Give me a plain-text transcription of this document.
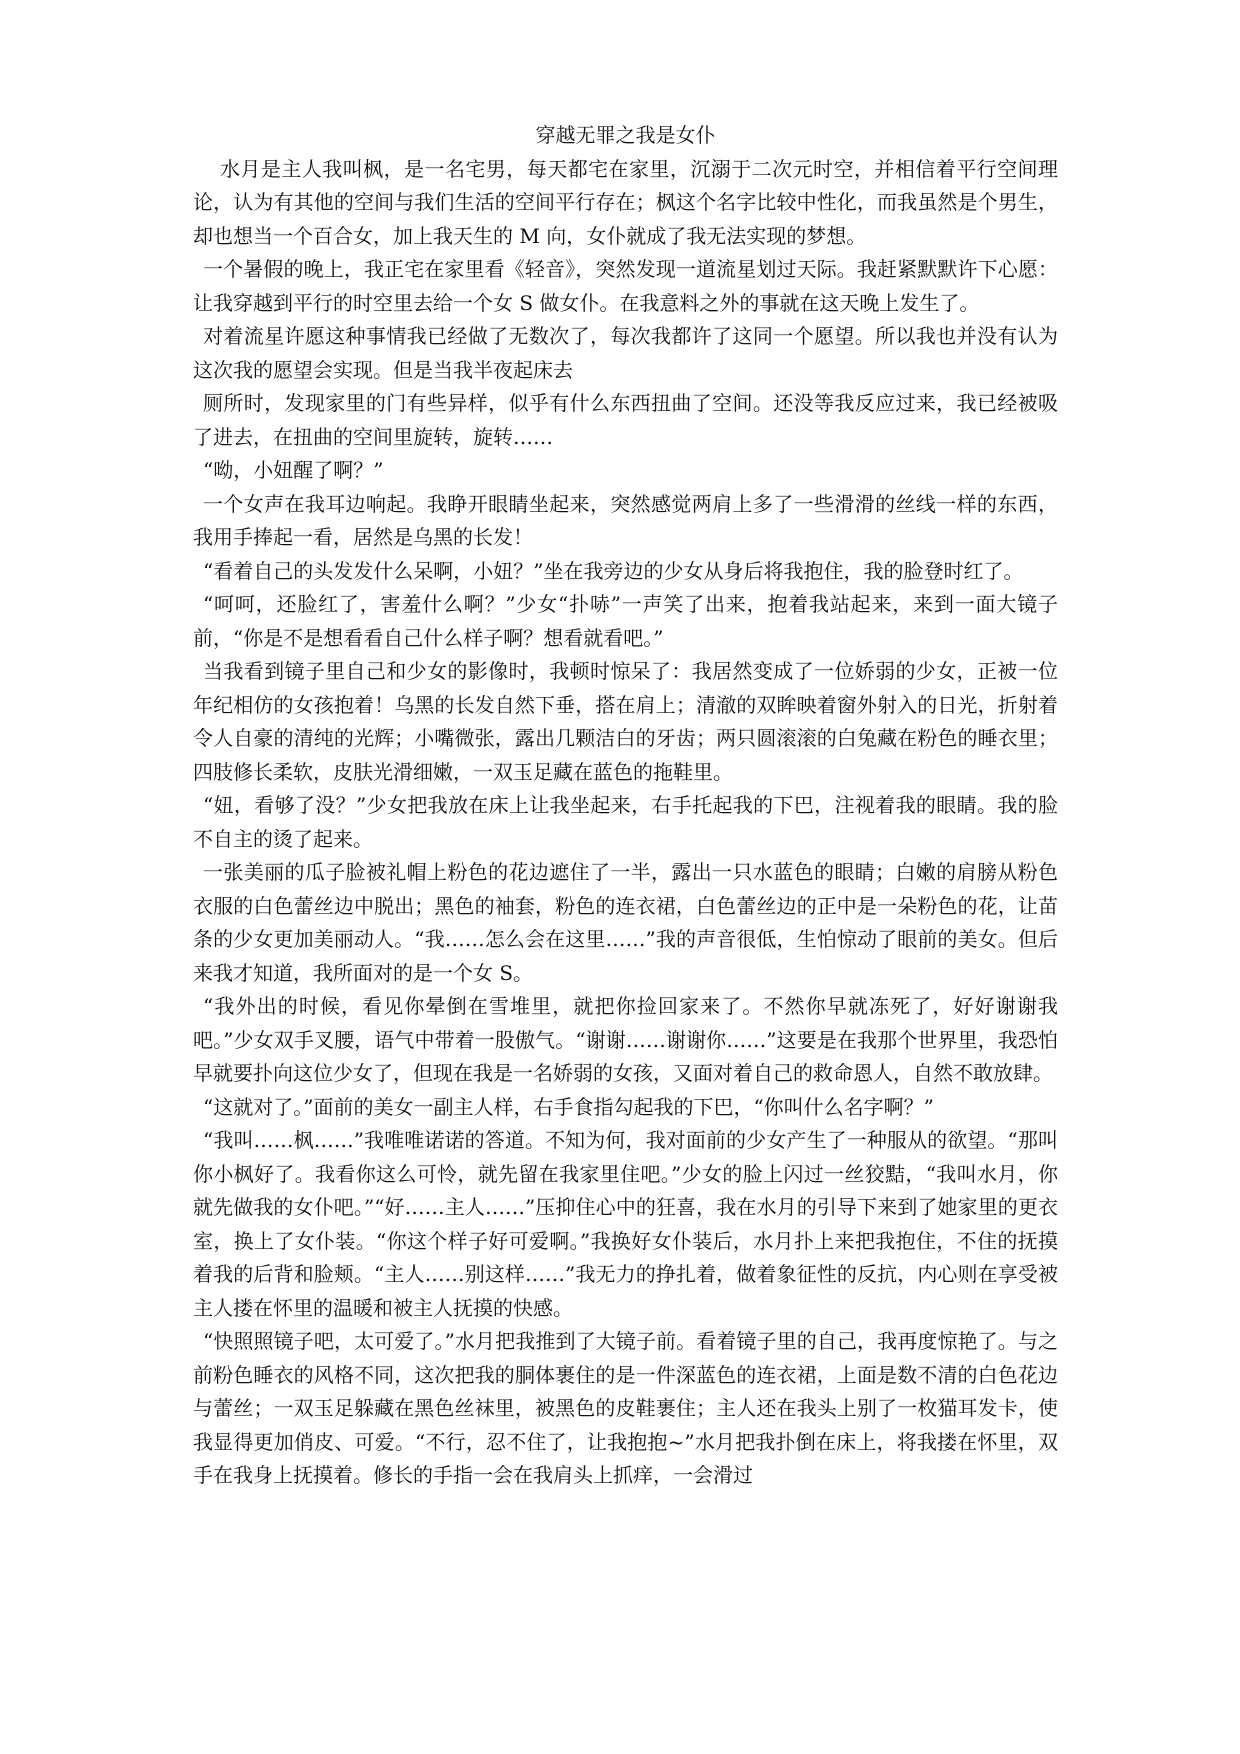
穿越无罪之我是女仆

水月是主人我叫枫，是一名宅男，每天都宅在家里，沉溺于二次元时空，并相信着平行空间理论，认为有其他的空间与我们生活的空间平行存在；枫这个名字比较中性化，而我虽然是个男生，却也想当一个百合女，加上我天生的 M 向，女仆就成了我无法实现的梦想。

一个暑假的晚上，我正宅在家里看《轻音》，突然发现一道流星划过天际。我赶紧默默许下心愿：让我穿越到平行的时空里去给一个女 S 做女仆。在我意料之外的事就在这天晚上发生了。

对着流星许愿这种事情我已经做了无数次了，每次我都许了这同一个愿望。所以我也并没有认为这次我的愿望会实现。但是当我半夜起床去

厕所时，发现家里的门有些异样，似乎有什么东西扭曲了空间。还没等我反应过来，我已经被吸了进去，在扭曲的空间里旋转，旋转……

“呦，小妞醒了啊？”

一个女声在我耳边响起。我睁开眼睛坐起来，突然感觉两肩上多了一些滑滑的丝线一样的东西，我用手捧起一看，居然是乌黑的长发！

“看着自己的头发发什么呆啊，小妞？”坐在我旁边的少女从身后将我抱住，我的脸登时红了。

“呵呵，还脸红了，害羞什么啊？”少女“扑哧”一声笑了出来，抱着我站起来，来到一面大镜子前，“你是不是想看看自己什么样子啊？想看就看吧。”

当我看到镜子里自己和少女的影像时，我顿时惊呆了：我居然变成了一位娇弱的少女，正被一位年纪相仿的女孩抱着！乌黑的长发自然下垂，搭在肩上；清澈的双眸映着窗外射入的日光，折射着令人自豪的清纯的光辉；小嘴微张，露出几颗洁白的牙齿；两只圆滚滚的白兔藏在粉色的睡衣里；四肢修长柔软，皮肤光滑细嫩，一双玉足藏在蓝色的拖鞋里。

“妞，看够了没？”少女把我放在床上让我坐起来，右手托起我的下巴，注视着我的眼睛。我的脸不自主的烫了起来。

一张美丽的瓜子脸被礼帽上粉色的花边遮住了一半，露出一只水蓝色的眼睛；白嫩的肩膀从粉色衣服的白色蕾丝边中脱出；黑色的袖套，粉色的连衣裙，白色蕾丝边的正中是一朵粉色的花，让苗条的少女更加美丽动人。“我……怎么会在这里……”我的声音很低，生怕惊动了眼前的美女。但后来我才知道，我所面对的是一个女 S。

“我外出的时候，看见你晕倒在雪堆里，就把你捡回家来了。不然你早就冻死了，好好谢谢我吧。”少女双手叉腰，语气中带着一股傲气。“谢谢……谢谢你……”这要是在我那个世界里，我恐怕早就要扑向这位少女了，但现在我是一名娇弱的女孩，又面对着自己的救命恩人，自然不敢放肆。

“这就对了。”面前的美女一副主人样，右手食指勾起我的下巴，“你叫什么名字啊？”

“我叫……枫……”我唯唯诺诺的答道。不知为何，我对面前的少女产生了一种服从的欲望。“那叫你小枫好了。我看你这么可怜，就先留在我家里住吧。”少女的脸上闪过一丝狡黠，“我叫水月，你就先做我的女仆吧。”“好……主人……”压抑住心中的狂喜，我在水月的引导下来到了她家里的更衣室，换上了女仆装。“你这个样子好可爱啊。”我换好女仆装后，水月扑上来把我抱住，不住的抚摸着我的后背和脸颊。“主人……别这样……”我无力的挣扎着，做着象征性的反抗，内心则在享受被主人搂在怀里的温暖和被主人抚摸的快感。

“快照照镜子吧，太可爱了。”水月把我推到了大镜子前。看着镜子里的自己，我再度惊艳了。与之前粉色睡衣的风格不同，这次把我的胴体裹住的是一件深蓝色的连衣裙，上面是数不清的白色花边与蕾丝；一双玉足躲藏在黑色丝袜里，被黑色的皮鞋裹住；主人还在我头上别了一枚猫耳发卡，使我显得更加俏皮、可爱。“不行，忍不住了，让我抱抱~”水月把我扑倒在床上，将我搂在怀里，双手在我身上抚摸着。修长的手指一会在我肩头上抓痒，一会滑过
